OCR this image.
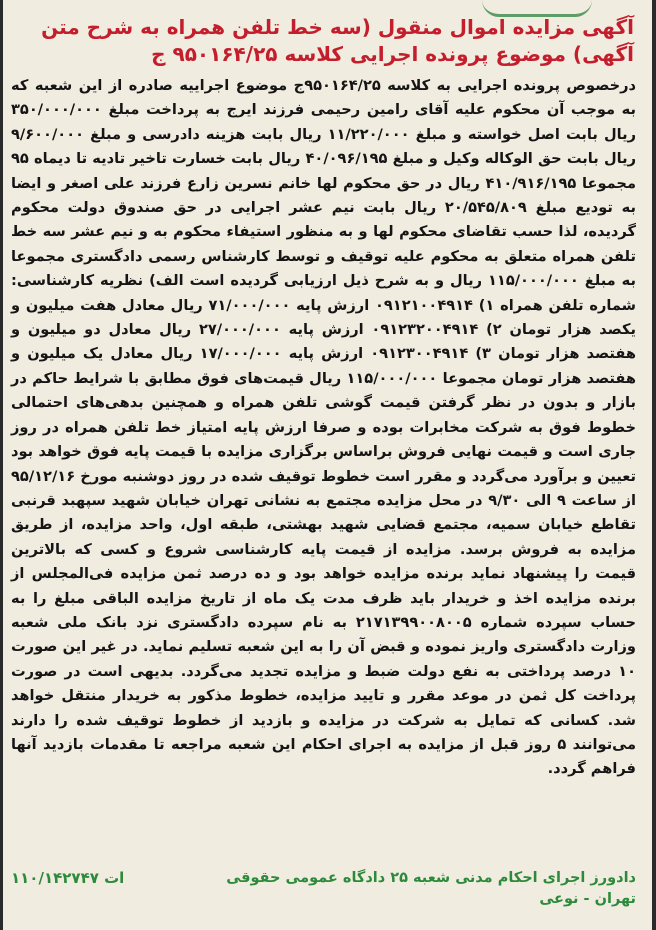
آگهی مزایده اموال منقول (سه خط تلفن همراه به شرح متن
آگهی) موضوع پرونده اجرایی کلاسه ۹۵۰۱۶۴/۲۵ ج
درخصوص پرونده اجرایی به کلاسه ۹۵۰۱۶۴/۲۵ج موضوع اجراییه صادره از این شعبه که به موجب آن محکوم علیه آقای رامین رحیمی فرزند ایرج به پرداخت مبلغ ۳۵۰/۰۰۰/۰۰۰ ریال بابت اصل خواسته و مبلغ ۱۱/۲۲۰/۰۰۰ ریال بابت هزینه دادرسی و مبلغ ۹/۶۰۰/۰۰۰ ریال بابت حق الوکاله وکیل و مبلغ ۴۰/۰۹۶/۱۹۵ ریال بابت خسارت تاخیر تادیه تا دیماه ۹۵ مجموعا ۴۱۰/۹۱۶/۱۹۵ ریال در حق محکوم لها خانم نسرین زارع فرزند علی اصغر و ایضا به تودیع مبلغ ۲۰/۵۴۵/۸۰۹ ریال بابت نیم عشر اجرایی در حق صندوق دولت محکوم گردیده، لذا حسب تقاضای محکوم لها و به منظور استیفاء محکوم به و نیم عشر سه خط تلفن همراه متعلق به محکوم علیه توقیف و توسط کارشناس رسمی دادگستری مجموعا به مبلغ ۱۱۵/۰۰۰/۰۰۰ ریال و به شرح ذیل ارزیابی گردیده است الف) نظریه کارشناسی: شماره تلفن همراه ۱) ۰۹۱۲۱۰۰۴۹۱۴ ارزش پایه ۷۱/۰۰۰/۰۰۰ ریال معادل هفت میلیون و یکصد هزار تومان ۲) ۰۹۱۲۳۲۰۰۴۹۱۴ ارزش پایه ۲۷/۰۰۰/۰۰۰ ریال معادل دو میلیون و هفتصد هزار تومان ۳) ۰۹۱۲۳۰۰۴۹۱۴ ارزش پایه ۱۷/۰۰۰/۰۰۰ ریال معادل یک میلیون و هفتصد هزار تومان مجموعا ۱۱۵/۰۰۰/۰۰۰ ریال قیمت‌های فوق مطابق با شرایط حاکم در بازار و بدون در نظر گرفتن قیمت گوشی تلفن همراه و همچنین بدهی‌های احتمالی خطوط فوق به شرکت مخابرات بوده و صرفا ارزش پایه امتیاز خط تلفن همراه در روز جاری است و قیمت نهایی فروش براساس برگزاری مزایده با قیمت پایه فوق خواهد بود تعیین و برآورد می‌گردد و مقرر است خطوط توقیف شده در روز دوشنبه مورخ ۹۵/۱۲/۱۶ از ساعت ۹ الی ۹/۳۰ در محل مزایده مجتمع به نشانی تهران خیابان شهید سپهبد قرنبی تقاطع خیابان سمیه، مجتمع قضایی شهید بهشتی، طبقه اول، واحد مزایده، از طریق مزایده به فروش برسد. مزایده از قیمت پایه کارشناسی شروع و کسی که بالاترین قیمت را پیشنهاد نماید برنده مزایده خواهد بود و ده درصد ثمن مزایده فی‌المجلس از برنده مزایده اخذ و خریدار باید ظرف مدت یک ماه از تاریخ مزایده الباقی مبلغ را به حساب سپرده شماره ۲۱۷۱۳۹۹۰۰۸۰۰۵ به نام سپرده دادگستری نزد بانک ملی شعبه وزارت دادگستری واریز نموده و قبض آن را به این شعبه تسلیم نماید. در غیر این صورت ۱۰ درصد پرداختی به نفع دولت ضبط و مزایده تجدید می‌گردد. بدیهی است در صورت پرداخت کل ثمن در موعد مقرر و تایید مزایده، خطوط مذکور به خریدار منتقل خواهد شد. کسانی که تمایل به شرکت در مزایده و بازدید از خطوط توقیف شده را دارند می‌توانند ۵ روز قبل از مزایده به اجرای احکام این شعبه مراجعه تا مقدمات بازدید آنها فراهم گردد.
دادورز اجرای احکام مدنی شعبه ۲۵ دادگاه عمومی حقوقی
تهران - نوعی
۱۱۰/۱۴۲۷۴۷ ات
